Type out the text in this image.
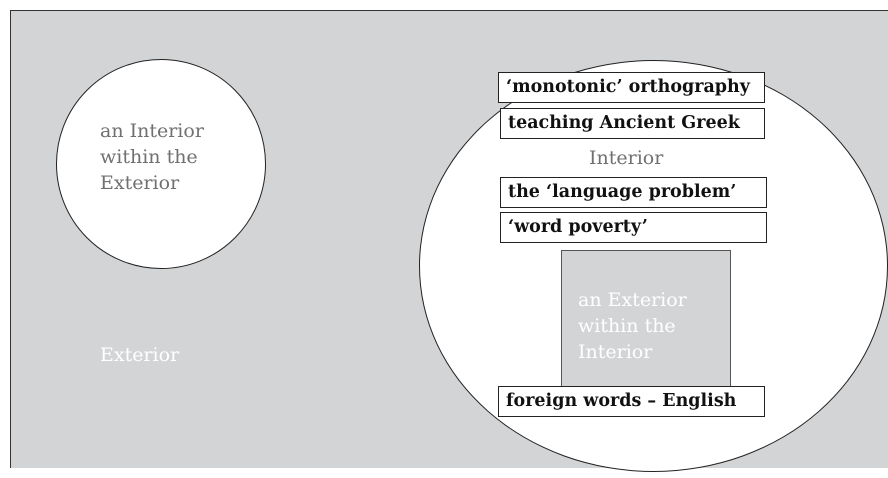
an Interior
within the
Exterior
Exterior
an Exterior
within the
Interior
‘monotonic’ orthography
teaching Ancient Greek
Interior
the ‘language problem’
‘word poverty’
foreign words – English
